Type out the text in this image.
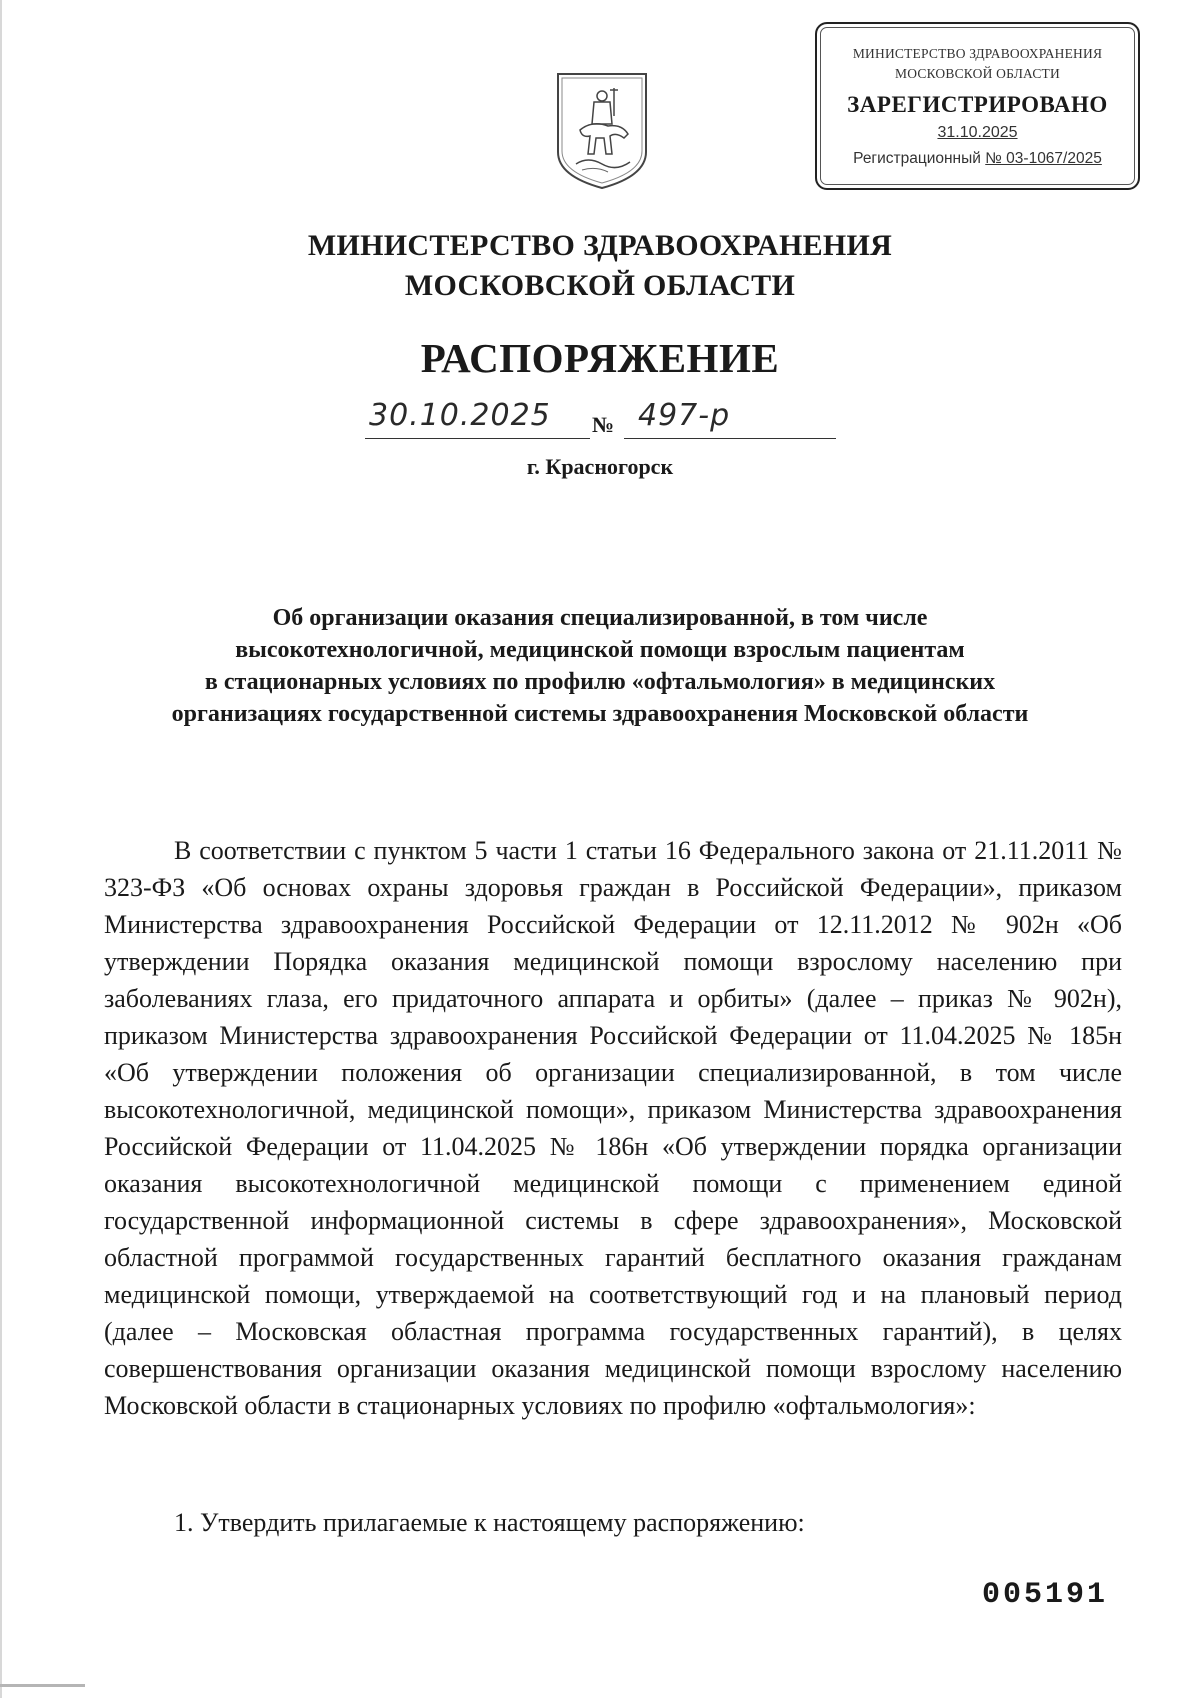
МИНИСТЕРСТВО ЗДРАВООХРАНЕНИЯ
МОСКОВСКОЙ ОБЛАСТИ
ЗАРЕГИСТРИРОВАНО
31.10.2025
Регистрационный № 03-1067/2025
МИНИСТЕРСТВО ЗДРАВООХРАНЕНИЯ
МОСКОВСКОЙ ОБЛАСТИ
РАСПОРЯЖЕНИЕ
30.10.2025 № 497-р
г. Красногорск
Об организации оказания специализированной, в том числе
высокотехнологичной, медицинской помощи взрослым пациентам
в стационарных условиях по профилю «офтальмология» в медицинских
организациях государственной системы здравоохранения Московской области

В соответствии с пунктом 5 части 1 статьи 16 Федерального закона от 21.11.2011 № 323-ФЗ «Об основах охраны здоровья граждан в Российской Федерации», приказом Министерства здравоохранения Российской Федерации от 12.11.2012 № 902н «Об утверждении Порядка оказания медицинской помощи взрослому населению при заболеваниях глаза, его придаточного аппарата и орбиты» (далее – приказ № 902н), приказом Министерства здравоохранения Российской Федерации от 11.04.2025 № 185н «Об утверждении положения об организации специализированной, в том числе высокотехнологичной, медицинской помощи», приказом Министерства здравоохранения Российской Федерации от 11.04.2025 № 186н «Об утверждении порядка организации оказания высокотехнологичной медицинской помощи с применением единой государственной информационной системы в сфере здравоохранения», Московской областной программой государственных гарантий бесплатного оказания гражданам медицинской помощи, утверждаемой на соответствующий год и на плановый период (далее – Московская областная программа государственных гарантий), в целях совершенствования организации оказания медицинской помощи взрослому населению Московской области в стационарных условиях по профилю «офтальмология»:

1. Утвердить прилагаемые к настоящему распоряжению:
005191
